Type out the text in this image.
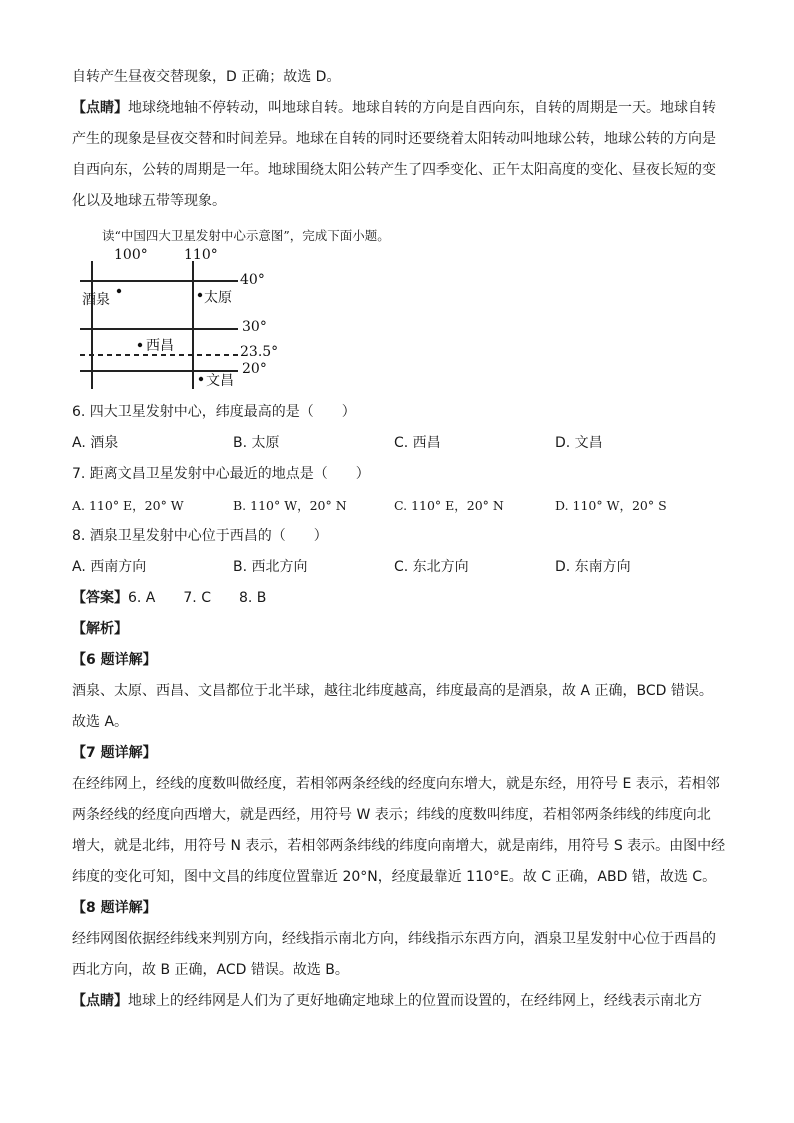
自转产生昼夜交替现象，D 正确；故选 D。

【点睛】地球绕地轴不停转动，叫地球自转。地球自转的方向是自西向东，自转的周期是一天。地球自转

产生的现象是昼夜交替和时间差异。地球在自转的同时还要绕着太阳转动叫地球公转，地球公转的方向是

自西向东，公转的周期是一年。地球围绕太阳公转产生了四季变化、正午太阳高度的变化、昼夜长短的变

化以及地球五带等现象。

读“中国四大卫星发射中心示意图”，完成下面小题。

100°	110°
40°
30°
23.5°
20°
酒泉	太原
西昌
文昌

6. 四大卫星发射中心，纬度最高的是（　　）

A. 酒泉	B. 太原	C. 西昌	D. 文昌

7. 距离文昌卫星发射中心最近的地点是（　　）

A. 110° E，20° W	B. 110° W，20° N	C. 110° E，20° N	D. 110° W，20° S

8. 酒泉卫星发射中心位于西昌的（　　）

A. 西南方向	B. 西北方向	C. 东北方向	D. 东南方向

【答案】6. A　　7. C　　8. B

【解析】

【6 题详解】

酒泉、太原、西昌、文昌都位于北半球，越往北纬度越高，纬度最高的是酒泉，故 A 正确，BCD 错误。

故选 A。

【7 题详解】

在经纬网上，经线的度数叫做经度，若相邻两条经线的经度向东增大，就是东经，用符号 E 表示，若相邻

两条经线的经度向西增大，就是西经，用符号 W 表示；纬线的度数叫纬度，若相邻两条纬线的纬度向北

增大，就是北纬，用符号 N 表示，若相邻两条纬线的纬度向南增大，就是南纬，用符号 S 表示。由图中经

纬度的变化可知，图中文昌的纬度位置靠近 20°N，经度最靠近 110°E。故 C 正确，ABD 错，故选 C。

【8 题详解】

经纬网图依据经纬线来判别方向，经线指示南北方向，纬线指示东西方向，酒泉卫星发射中心位于西昌的

西北方向，故 B 正确，ACD 错误。故选 B。

【点睛】地球上的经纬网是人们为了更好地确定地球上的位置而设置的，在经纬网上，经线表示南北方
